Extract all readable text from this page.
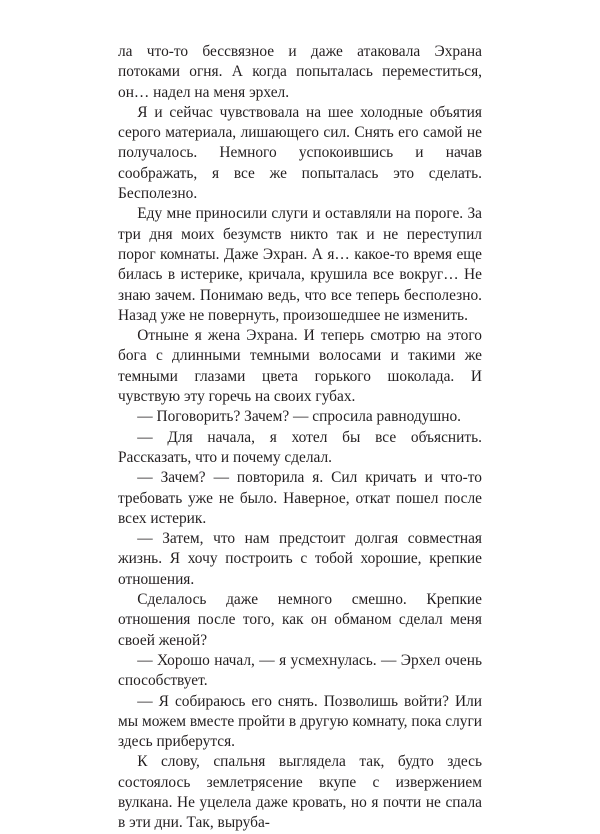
ла что-то бессвязное и даже атаковала Эхрана потоками огня. А когда попыталась переместиться, он… надел на меня эрхел.

Я и сейчас чувствовала на шее холодные объятия серого материала, лишающего сил. Снять его самой не получалось. Немного успокоившись и начав соображать, я все же попыталась это сделать. Бесполезно.

Еду мне приносили слуги и оставляли на пороге. За три дня моих безумств никто так и не переступил порог комнаты. Даже Эхран. А я… какое-то время еще билась в истерике, кричала, крушила все вокруг… Не знаю зачем. Понимаю ведь, что все теперь бесполезно. Назад уже не повернуть, произошедшее не изменить.

Отныне я жена Эхрана. И теперь смотрю на этого бога с длинными темными волосами и такими же темными глазами цвета горького шоколада. И чувствую эту горечь на своих губах.

— Поговорить? Зачем? — спросила равнодушно.

— Для начала, я хотел бы все объяснить. Рассказать, что и почему сделал.

— Зачем? — повторила я. Сил кричать и что-то требовать уже не было. Наверное, откат пошел после всех истерик.

— Затем, что нам предстоит долгая совместная жизнь. Я хочу построить с тобой хорошие, крепкие отношения.

Сделалось даже немного смешно. Крепкие отношения после того, как он обманом сделал меня своей женой?

— Хорошо начал, — я усмехнулась. — Эрхел очень способствует.

— Я собираюсь его снять. Позволишь войти? Или мы можем вместе пройти в другую комнату, пока слуги здесь приберутся.

К слову, спальня выглядела так, будто здесь состоялось землетрясение вкупе с извержением вулкана. Не уцелела даже кровать, но я почти не спала в эти дни. Так, выруба-
